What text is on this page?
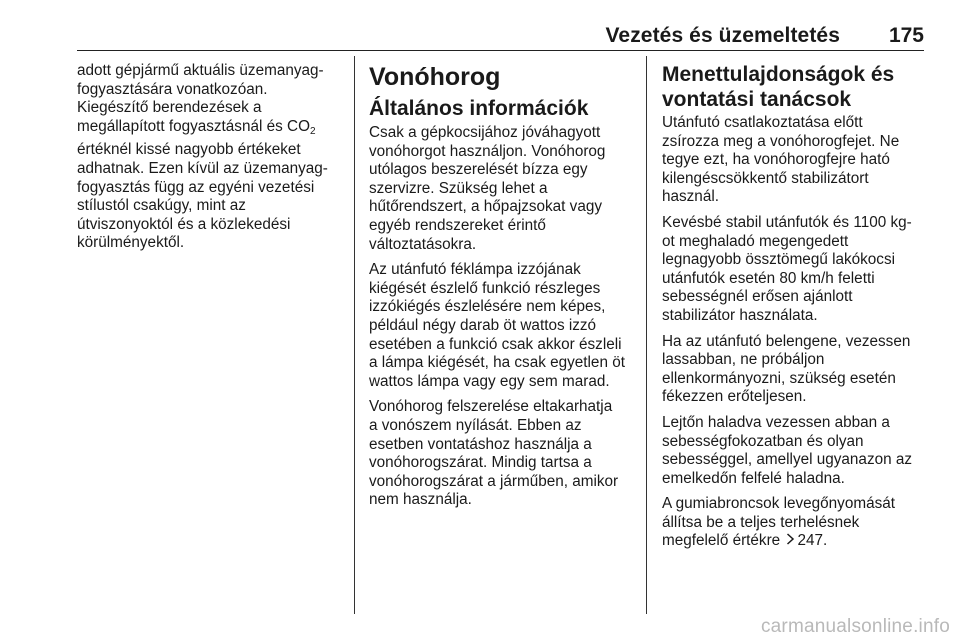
Vezetés és üzemeltetés 175
adott gépjármű aktuális üzemanyag-
fogyasztására vonatkozóan.
Kiegészítő berendezések a
megállapított fogyasztásnál és $CO_2$
értéknél kissé nagyobb értékeket
adhatnak. Ezen kívül az üzemanyag-
fogyasztás függ az egyéni vezetési
stílustól csakúgy, mint az
útviszonyoktól és a közlekedési
körülményektől.
Vonóhorog
Általános információk

Csak a gépkocsijához jóváhagyott
vonóhorgot használjon. Vonóhorog
utólagos beszerelését bízza egy
szervizre. Szükség lehet a
hűtőrendszert, a hőpajzsokat vagy
egyéb rendszereket érintő
változtatásokra.

Az utánfutó féklámpa izzójának
kiégését észlelő funkció részleges
izzókiégés észlelésére nem képes,
például négy darab öt wattos izzó
esetében a funkció csak akkor észleli
a lámpa kiégését, ha csak egyetlen öt
wattos lámpa vagy egy sem marad.

Vonóhorog felszerelése eltakarhatja
a vonószem nyílását. Ebben az
esetben vontatáshoz használja a
vonóhorogszárat. Mindig tartsa a
vonóhorogszárat a járműben, amikor
nem használja.

Menettulajdonságok és
vontatási tanácsok

Utánfutó csatlakoztatása előtt
zsírozza meg a vonóhorogfejet. Ne
tegye ezt, ha vonóhorogfejre ható
kilengéscsökkentő stabilizátort
használ.

Kevésbé stabil utánfutók és 1100 kg-
ot meghaladó megengedett
legnagyobb össztömegű lakókocsi
utánfutók esetén 80 km/h feletti
sebességnél erősen ajánlott
stabilizátor használata.

Ha az utánfutó belengene, vezessen
lassabban, ne próbáljon
ellenkormányozni, szükség esetén
fékezzen erőteljesen.

Lejtőn haladva vezessen abban a
sebességfokozatban és olyan
sebességgel, amellyel ugyanazon az
emelkedőn felfelé haladna.

A gumiabroncsok levegőnyomását
állítsa be a teljes terhelésnek
megfelelő értékre 247.

carmanualsonline.info
